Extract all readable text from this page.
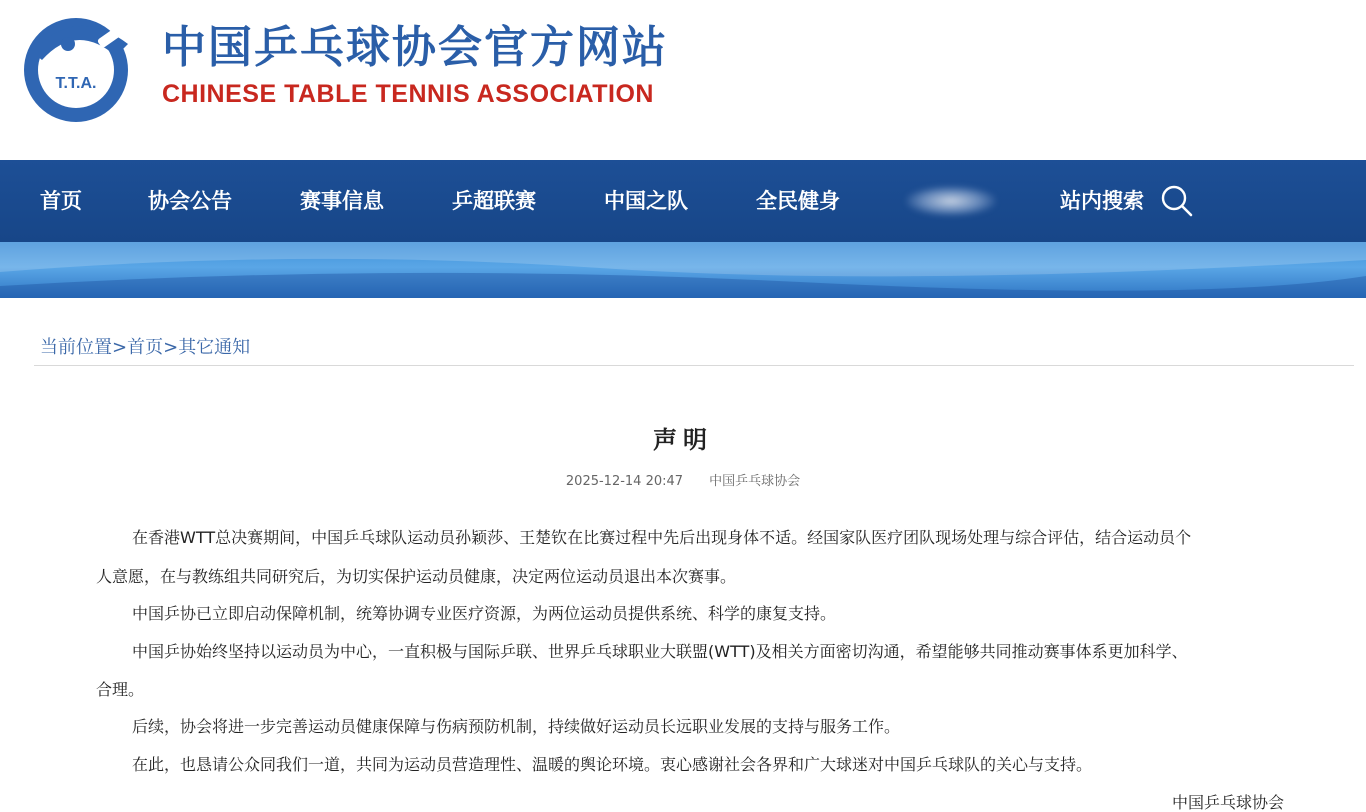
T.T.A.
中国乒乓球协会官方网站
CHINESE TABLE TENNIS ASSOCIATION
首页	协会公告	赛事信息	乒超联赛	中国之队	全民健身	站内搜索
当前位置>首页>其它通知
声明
2025-12-14 20:47 中国乒乓球协会
在香港WTT总决赛期间，中国乒乓球队运动员孙颖莎、王楚钦在比赛过程中先后出现身体不适。经国家队医疗团队现场处理与综合评估，结合运动员个
人意愿，在与教练组共同研究后，为切实保护运动员健康，决定两位运动员退出本次赛事。
中国乒协已立即启动保障机制，统筹协调专业医疗资源，为两位运动员提供系统、科学的康复支持。
中国乒协始终坚持以运动员为中心，一直积极与国际乒联、世界乒乓球职业大联盟(WTT)及相关方面密切沟通，希望能够共同推动赛事体系更加科学、
合理。
后续，协会将进一步完善运动员健康保障与伤病预防机制，持续做好运动员长远职业发展的支持与服务工作。
在此，也恳请公众同我们一道，共同为运动员营造理性、温暖的舆论环境。衷心感谢社会各界和广大球迷对中国乒乓球队的关心与支持。
中国乒乓球协会
